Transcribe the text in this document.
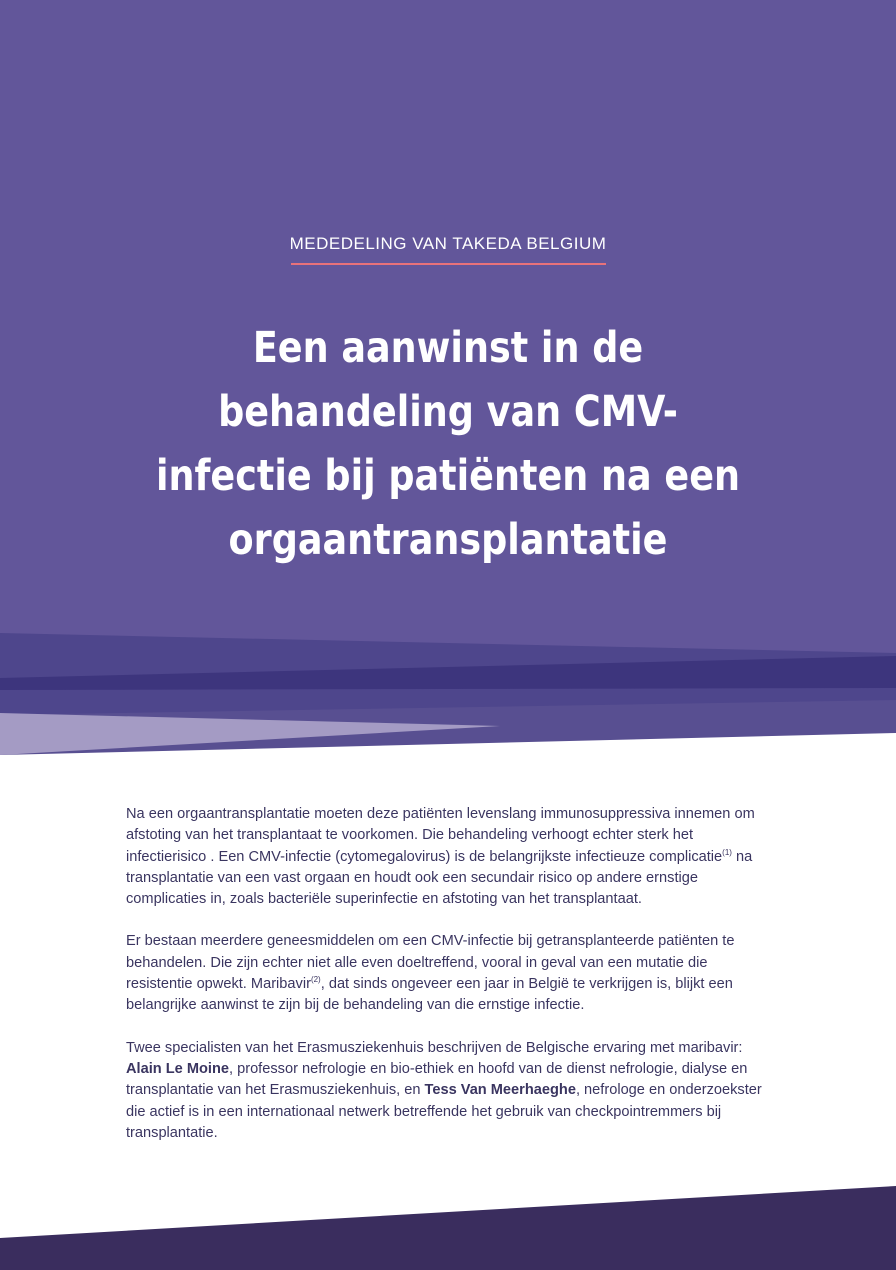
MEDEDELING VAN TAKEDA BELGIUM
Een aanwinst in de behandeling van CMV-infectie bij patiënten na een orgaantransplantatie

Na een orgaantransplantatie moeten deze patiënten levenslang immunosuppressiva innemen om afstoting van het transplantaat te voorkomen. Die behandeling verhoogt echter sterk het infectierisico . Een CMV-infectie (cytomegalovirus) is de belangrijkste infectieuze complicatie$^{(1)}$ na transplantatie van een vast orgaan en houdt ook een secundair risico op andere ernstige complicaties in, zoals bacteriële superinfectie en afstoting van het transplantaat.

Er bestaan meerdere geneesmiddelen om een CMV-infectie bij getransplanteerde patiënten te behandelen. Die zijn echter niet alle even doeltreffend, vooral in geval van een mutatie die resistentie opwekt. Maribavir$^{(2)}$, dat sinds ongeveer een jaar in België te verkrijgen is, blijkt een belangrijke aanwinst te zijn bij de behandeling van die ernstige infectie.

Twee specialisten van het Erasmusziekenhuis beschrijven de Belgische ervaring met maribavir: Alain Le Moine, professor nefrologie en bio-ethiek en hoofd van de dienst nefrologie, dialyse en transplantatie van het Erasmusziekenhuis, en Tess Van Meerhaeghe, nefrologe en onderzoekster die actief is in een internationaal netwerk betreffende het gebruik van checkpointremmers bij transplantatie.
